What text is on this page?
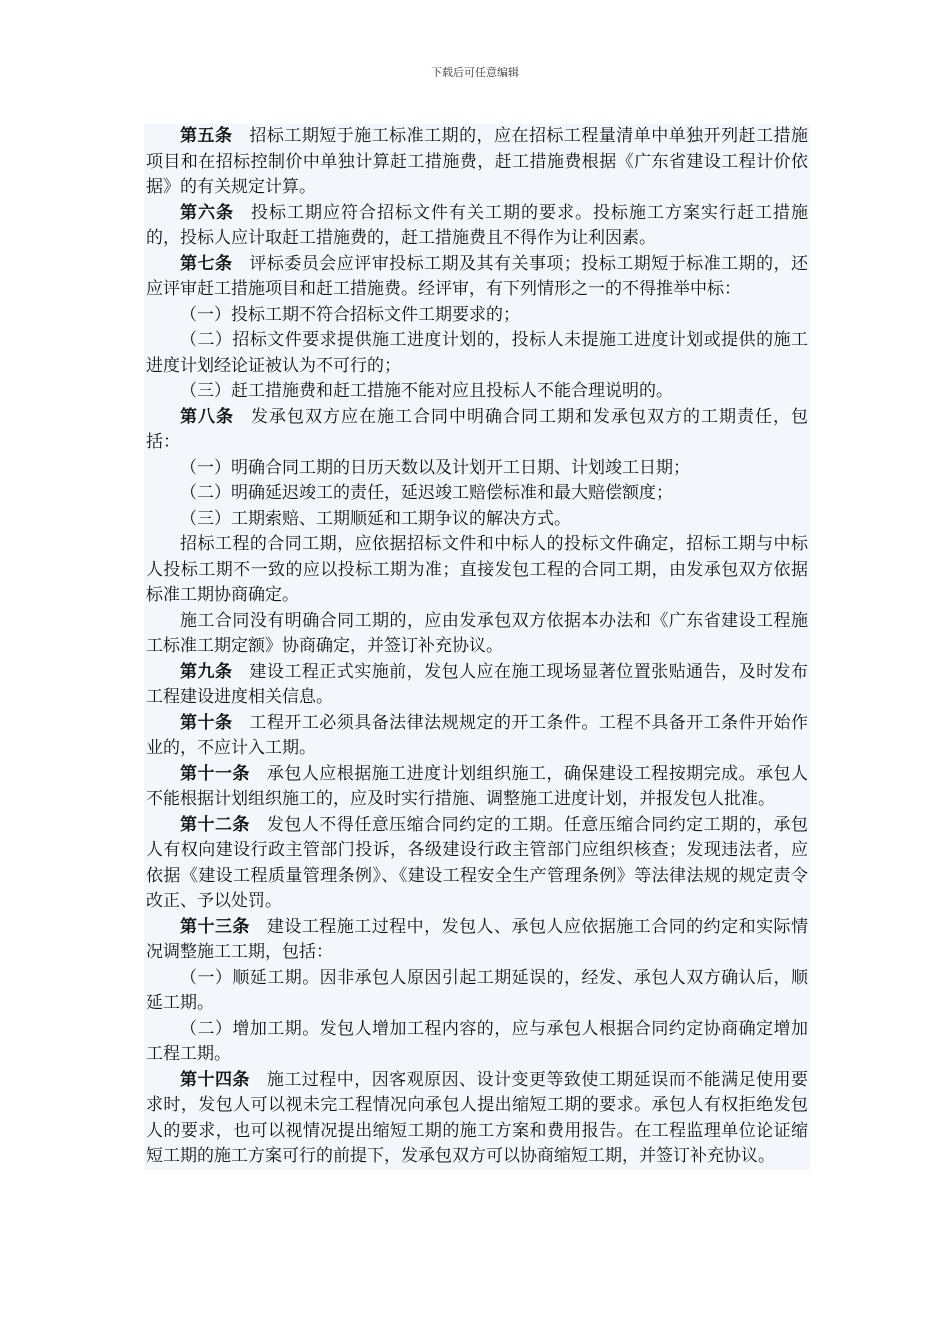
下载后可任意编辑

第五条 招标工期短于施工标准工期的，应在招标工程量清单中单独开列赶工措施项目和在招标控制价中单独计算赶工措施费，赶工措施费根据《广东省建设工程计价依据》的有关规定计算。

第六条 投标工期应符合招标文件有关工期的要求。投标施工方案实行赶工措施的，投标人应计取赶工措施费的，赶工措施费且不得作为让利因素。

第七条 评标委员会应评审投标工期及其有关事项；投标工期短于标准工期的，还应评审赶工措施项目和赶工措施费。经评审，有下列情形之一的不得推举中标：

（一）投标工期不符合招标文件工期要求的；

（二）招标文件要求提供施工进度计划的，投标人未提施工进度计划或提供的施工进度计划经论证被认为不可行的；

（三）赶工措施费和赶工措施不能对应且投标人不能合理说明的。

第八条 发承包双方应在施工合同中明确合同工期和发承包双方的工期责任，包括：

（一）明确合同工期的日历天数以及计划开工日期、计划竣工日期；

（二）明确延迟竣工的责任，延迟竣工赔偿标准和最大赔偿额度；

（三）工期索赔、工期顺延和工期争议的解决方式。

招标工程的合同工期，应依据招标文件和中标人的投标文件确定，招标工期与中标人投标工期不一致的应以投标工期为准；直接发包工程的合同工期，由发承包双方依据标准工期协商确定。

施工合同没有明确合同工期的，应由发承包双方依据本办法和《广东省建设工程施工标准工期定额》协商确定，并签订补充协议。

第九条 建设工程正式实施前，发包人应在施工现场显著位置张贴通告，及时发布工程建设进度相关信息。

第十条 工程开工必须具备法律法规规定的开工条件。工程不具备开工条件开始作业的，不应计入工期。

第十一条 承包人应根据施工进度计划组织施工，确保建设工程按期完成。承包人不能根据计划组织施工的，应及时实行措施、调整施工进度计划，并报发包人批准。

第十二条 发包人不得任意压缩合同约定的工期。任意压缩合同约定工期的，承包人有权向建设行政主管部门投诉，各级建设行政主管部门应组织核查；发现违法者，应依据《建设工程质量管理条例》、《建设工程安全生产管理条例》等法律法规的规定责令改正、予以处罚。

第十三条 建设工程施工过程中，发包人、承包人应依据施工合同的约定和实际情况调整施工工期，包括：

（一）顺延工期。因非承包人原因引起工期延误的，经发、承包人双方确认后，顺延工期。

（二）增加工期。发包人增加工程内容的，应与承包人根据合同约定协商确定增加工程工期。

第十四条 施工过程中，因客观原因、设计变更等致使工期延误而不能满足使用要求时，发包人可以视未完工程情况向承包人提出缩短工期的要求。承包人有权拒绝发包人的要求，也可以视情况提出缩短工期的施工方案和费用报告。在工程监理单位论证缩短工期的施工方案可行的前提下，发承包双方可以协商缩短工期，并签订补充协议。
